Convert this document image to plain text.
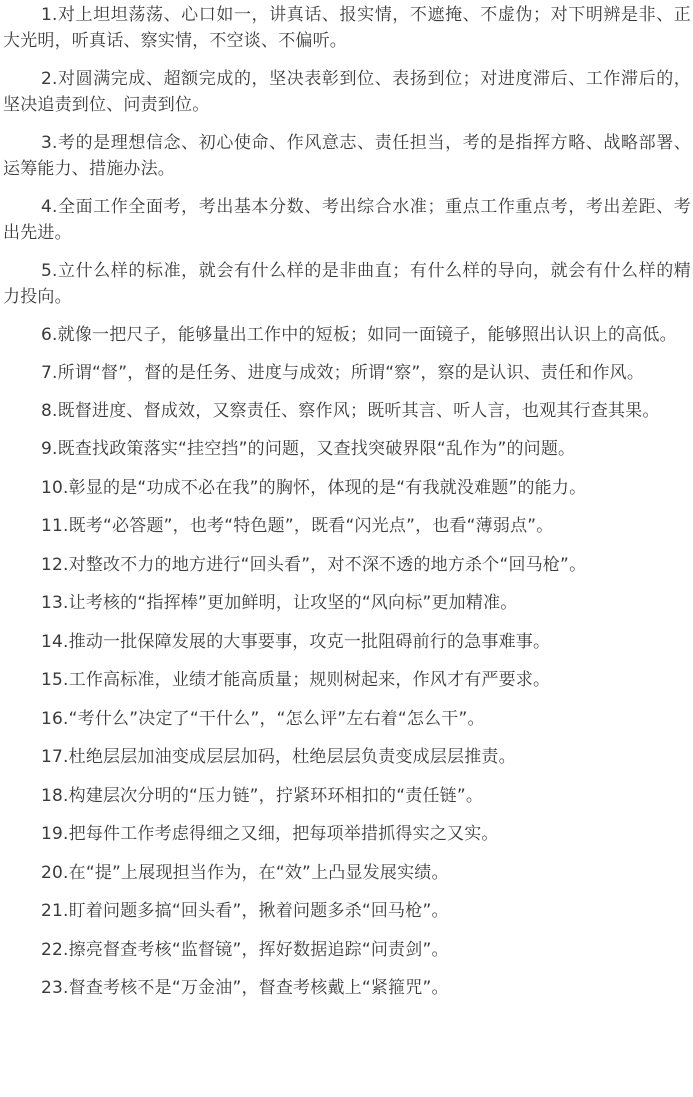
1.对上坦坦荡荡、心口如一，讲真话、报实情，不遮掩、不虚伪；对下明辨是非、正大光明，听真话、察实情，不空谈、不偏听。

2.对圆满完成、超额完成的，坚决表彰到位、表扬到位；对进度滞后、工作滞后的，坚决追责到位、问责到位。

3.考的是理想信念、初心使命、作风意志、责任担当，考的是指挥方略、战略部署、运筹能力、措施办法。

4.全面工作全面考，考出基本分数、考出综合水准；重点工作重点考，考出差距、考出先进。

5.立什么样的标准，就会有什么样的是非曲直；有什么样的导向，就会有什么样的精力投向。

6.就像一把尺子，能够量出工作中的短板；如同一面镜子，能够照出认识上的高低。

7.所谓“督”，督的是任务、进度与成效；所谓“察”，察的是认识、责任和作风。

8.既督进度、督成效，又察责任、察作风；既听其言、听人言，也观其行查其果。

9.既查找政策落实“挂空挡”的问题，又查找突破界限“乱作为”的问题。

10.彰显的是“功成不必在我”的胸怀，体现的是“有我就没难题”的能力。

11.既考“必答题”，也考“特色题”，既看“闪光点”，也看“薄弱点”。

12.对整改不力的地方进行“回头看”，对不深不透的地方杀个“回马枪”。

13.让考核的“指挥棒”更加鲜明，让攻坚的“风向标”更加精准。

14.推动一批保障发展的大事要事，攻克一批阻碍前行的急事难事。

15.工作高标准，业绩才能高质量；规则树起来，作风才有严要求。

16.“考什么”决定了“干什么”，“怎么评”左右着“怎么干”。

17.杜绝层层加油变成层层加码，杜绝层层负责变成层层推责。

18.构建层次分明的“压力链”，拧紧环环相扣的“责任链”。

19.把每件工作考虑得细之又细，把每项举措抓得实之又实。

20.在“提”上展现担当作为，在“效”上凸显发展实绩。

21.盯着问题多搞“回头看”，揪着问题多杀“回马枪”。

22.擦亮督查考核“监督镜”，挥好数据追踪“问责剑”。

23.督查考核不是“万金油”，督查考核戴上“紧箍咒”。
